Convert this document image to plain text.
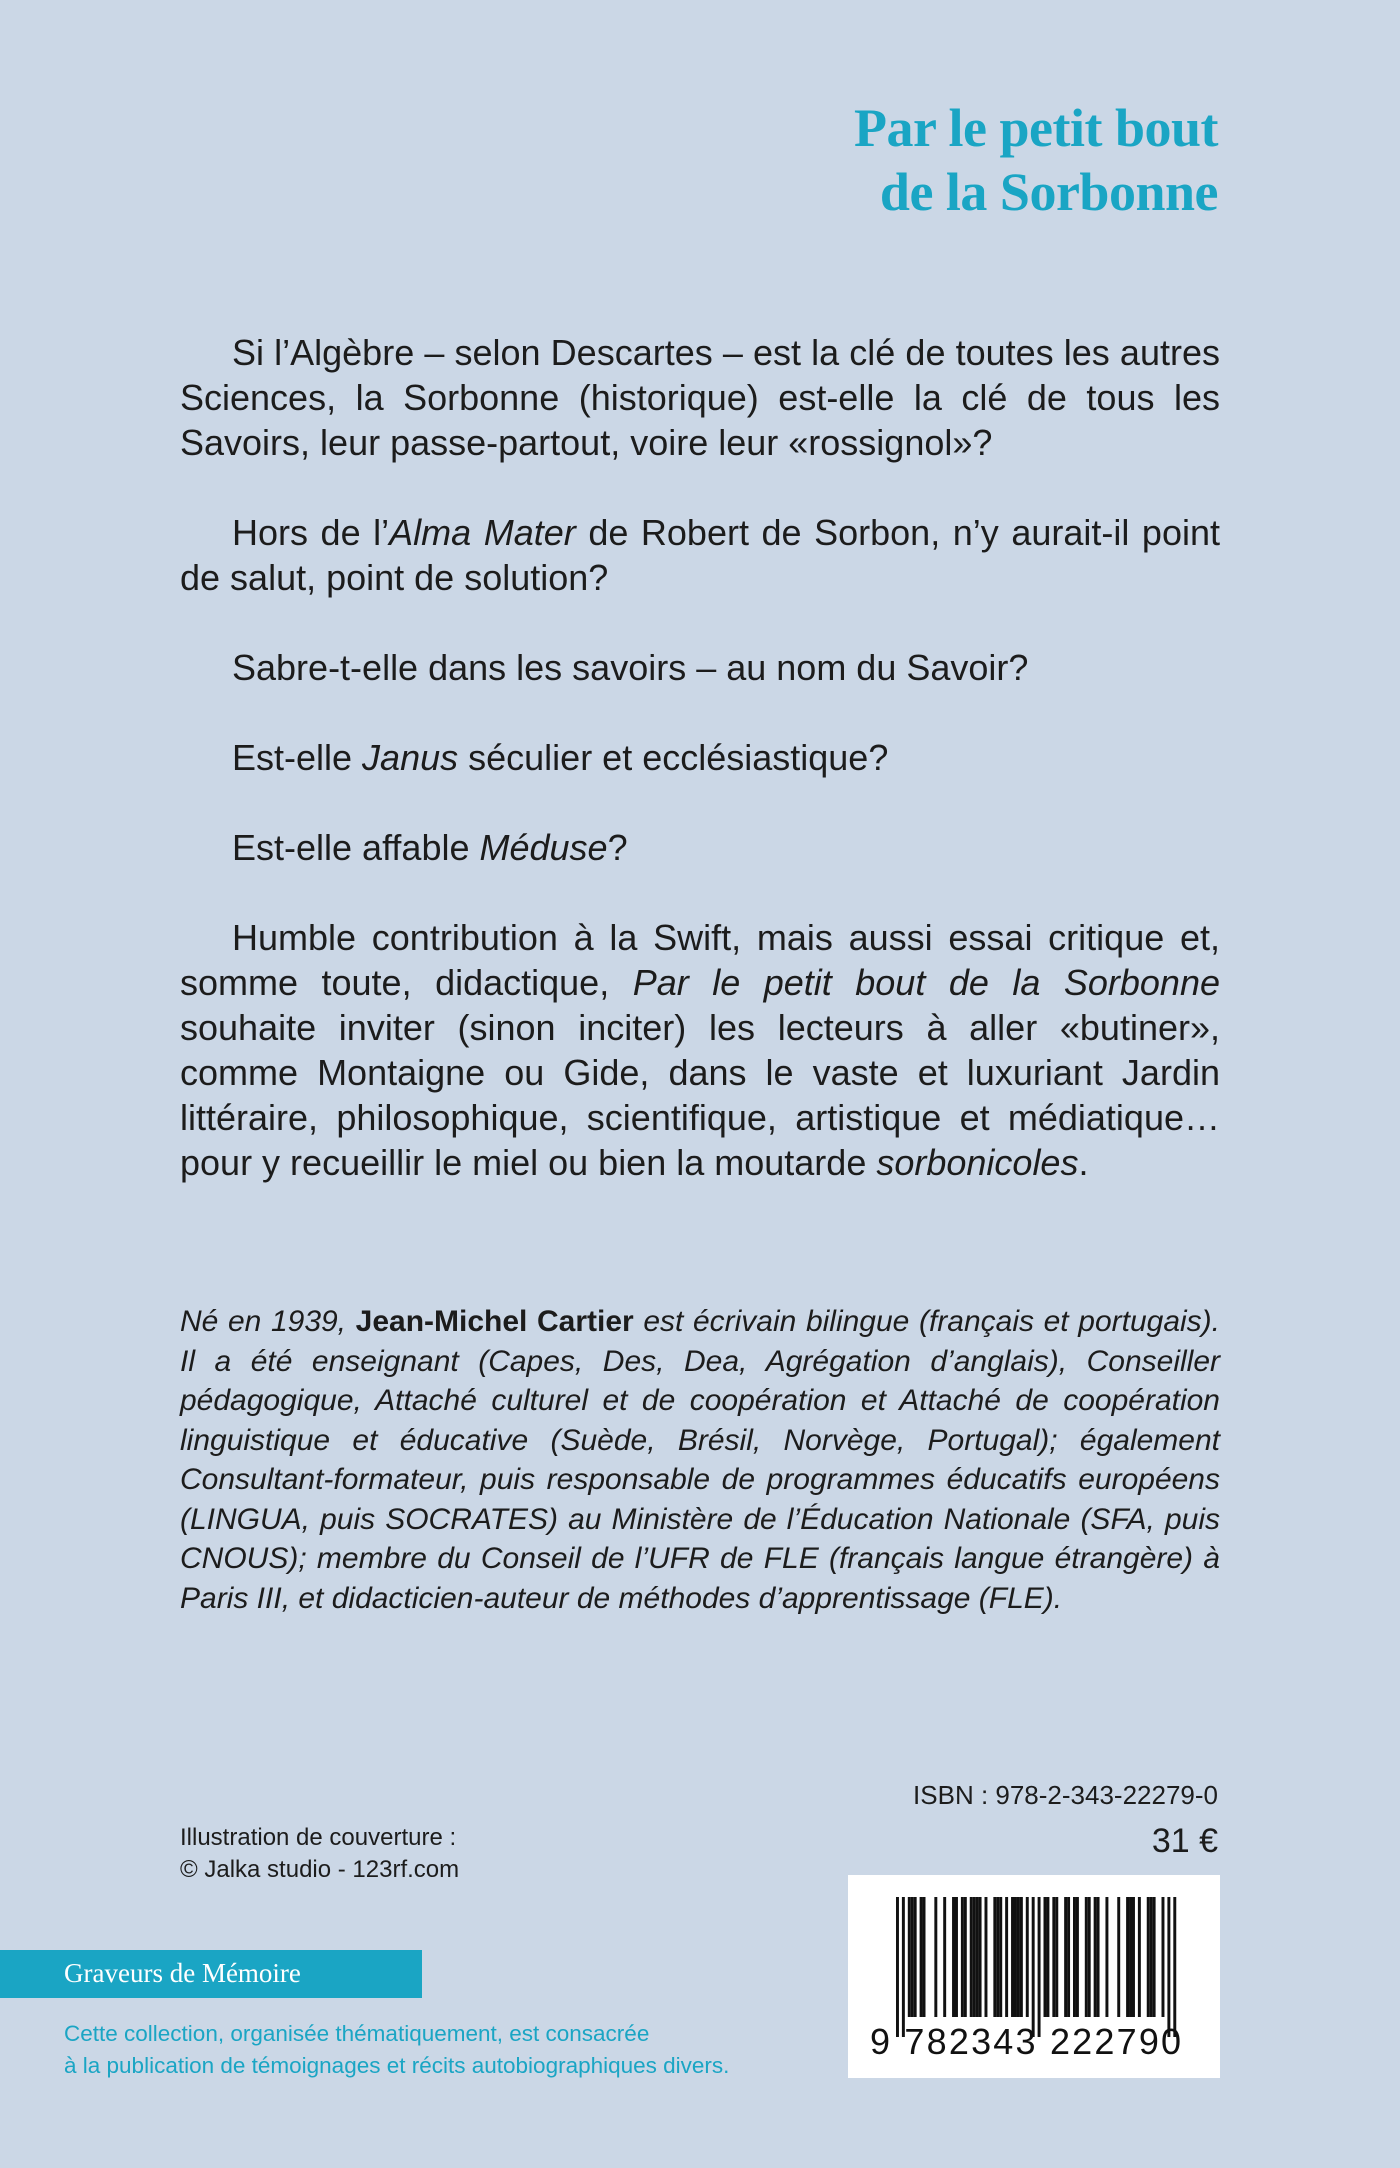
Par le petit bout
de la Sorbonne

Si l’Algèbre – selon Descartes – est la clé de toutes les autres Sciences, la Sorbonne (historique) est-elle la clé de tous les Savoirs, leur passe-partout, voire leur «rossignol»?

Hors de l’Alma Mater de Robert de Sorbon, n’y aurait-il point de salut, point de solution?

Sabre-t-elle dans les savoirs – au nom du Savoir?

Est-elle Janus séculier et ecclésiastique?

Est-elle affable Méduse?

Humble contribution à la Swift, mais aussi essai critique et, somme toute, didactique, Par le petit bout de la Sorbonne souhaite inviter (sinon inciter) les lecteurs à aller «butiner», comme Montaigne ou Gide, dans le vaste et luxuriant Jardin littéraire, philosophique, scientifique, artistique et médiatique… pour y recueillir le miel ou bien la moutarde sorbonicoles.

Né en 1939, Jean-Michel Cartier est écrivain bilingue (français et portugais). Il a été enseignant (Capes, Des, Dea, Agrégation d’anglais), Conseiller pédagogique, Attaché culturel et de coopération et Attaché de coopération linguistique et éducative (Suède, Brésil, Norvège, Portugal); également Consultant-formateur, puis responsable de programmes éducatifs européens (LINGUA, puis SOCRATES) au Ministère de l’Éducation Nationale (SFA, puis CNOUS); membre du Conseil de l’UFR de FLE (français langue étrangère) à Paris III, et didacticien-auteur de méthodes d’apprentissage (FLE).
ISBN : 978-2-343-22279-0
31 €
Illustration de couverture :
© Jalka studio - 123rf.com
Graveurs de Mémoire
Cette collection, organisée thématiquement, est consacrée
à la publication de témoignages et récits autobiographiques divers.
9 782343 222790
